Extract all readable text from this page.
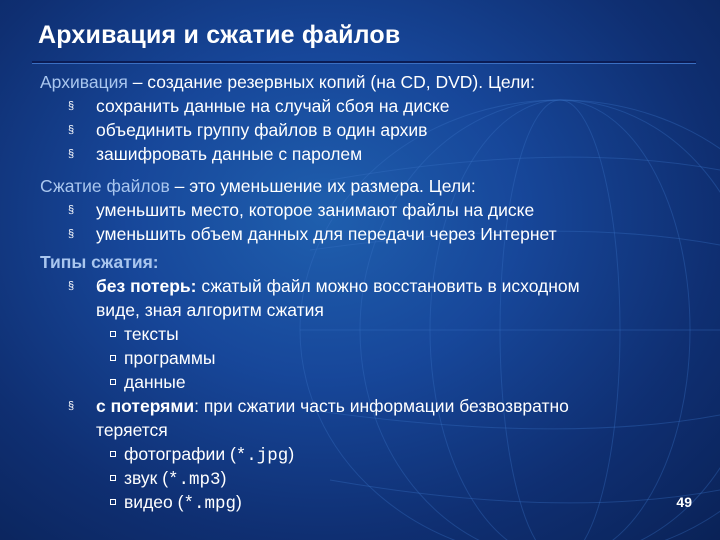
Архивация и сжатие файлов
Архивация – создание резервных копий (на CD, DVD). Цели:
§ сохранить данные на случай сбоя на диске
§ объединить группу файлов в один архив
§ зашифровать данные с паролем
Сжатие файлов – это уменьшение их размера. Цели:
§ уменьшить место, которое занимают файлы на диске
§ уменьшить объем данных для передачи через Интернет
Типы сжатия:
§ без потерь: сжатый файл можно восстановить в исходном
виде, зная алгоритм сжатия
тексты
программы
данные
§ с потерями: при сжатии часть информации безвозвратно
теряется
фотографии (*.jpg)
звук (*.mp3)
видео (*.mpg)	49
